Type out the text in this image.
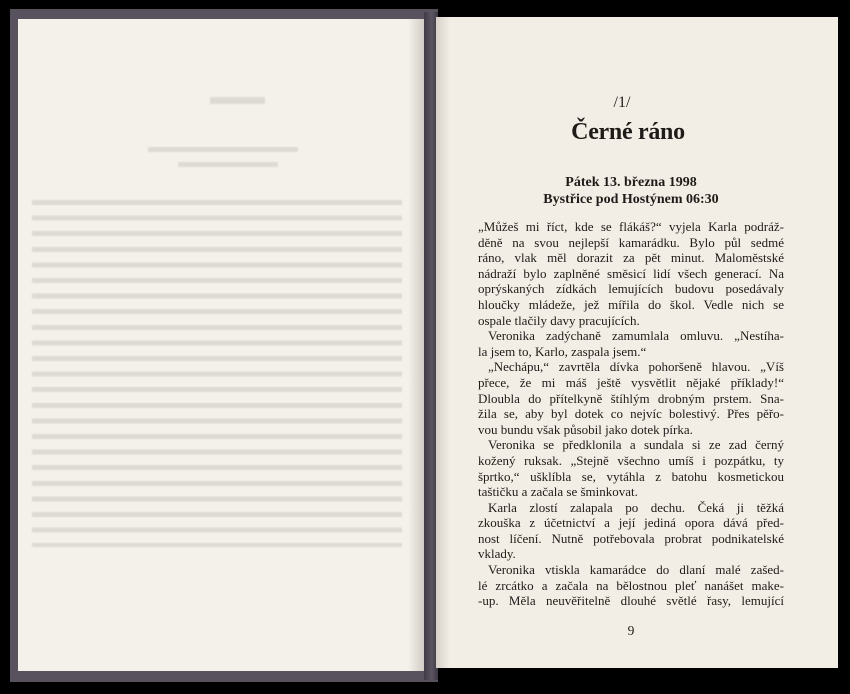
/1/
Černé ráno
Pátek 13. března 1998
Bystřice pod Hostýnem 06:30
„Můžeš mi říct, kde se flákáš?“ vyjela Karla podráž-
děně na svou nejlepší kamarádku. Bylo půl sedmé
ráno, vlak měl dorazit za pět minut. Maloměstské
nádraží bylo zaplněné směsicí lidí všech generací. Na
oprýskaných zídkách lemujících budovu posedávaly
hloučky mládeže, jež mířila do škol. Vedle nich se
ospale tlačily davy pracujících.
Veronika zadýchaně zamumlala omluvu. „Nestíha-
la jsem to, Karlo, zaspala jsem.“
„Nechápu,“ zavrtěla dívka pohoršeně hlavou. „Víš
přece, že mi máš ještě vysvětlit nějaké příklady!“
Dloubla do přítelkyně štíhlým drobným prstem. Sna-
žila se, aby byl dotek co nejvíc bolestivý. Přes pěřo-
vou bundu však působil jako dotek pírka.
Veronika se předklonila a sundala si ze zad černý
kožený ruksak. „Stejně všechno umíš i pozpátku, ty
šprtko,“ ušklíbla se, vytáhla z batohu kosmetickou
taštičku a začala se šminkovat.
Karla zlostí zalapala po dechu. Čeká ji těžká
zkouška z účetnictví a její jediná opora dává před-
nost líčení. Nutně potřebovala probrat podnikatelské
vklady.
Veronika vtiskla kamarádce do dlaní malé zašed-
lé zrcátko a začala na bělostnou pleť nanášet make-
-up. Měla neuvěřitelně dlouhé světlé řasy, lemující
9
